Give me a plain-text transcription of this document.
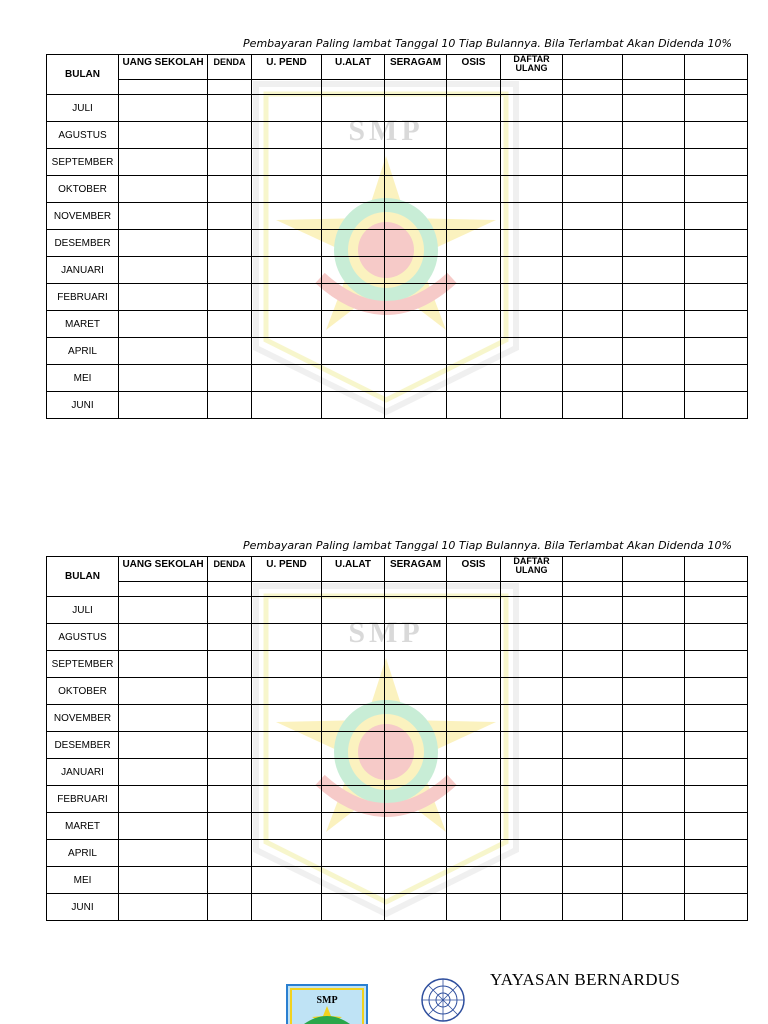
Pembayaran Paling lambat Tanggal 10 Tiap Bulannya. Bila Terlambat Akan Didenda 10%
SMP
BULAN	UANG SEKOLAH	DENDA	U. PEND	U.ALAT	SERAGAM	OSIS	DAFTAR
ULANG			

JULI										
AGUSTUS										
SEPTEMBER										
OKTOBER										
NOVEMBER										
DESEMBER										
JANUARI										
FEBRUARI										
MARET										
APRIL										
MEI										
JUNI										
Pembayaran Paling lambat Tanggal 10 Tiap Bulannya. Bila Terlambat Akan Didenda 10%
SMP
BULAN	UANG SEKOLAH	DENDA	U. PEND	U.ALAT	SERAGAM	OSIS	DAFTAR
ULANG			

JULI										
AGUSTUS										
SEPTEMBER										
OKTOBER										
NOVEMBER										
DESEMBER										
JANUARI										
FEBRUARI										
MARET										
APRIL										
MEI										
JUNI										
SMP
YAYASAN BERNARDUS
